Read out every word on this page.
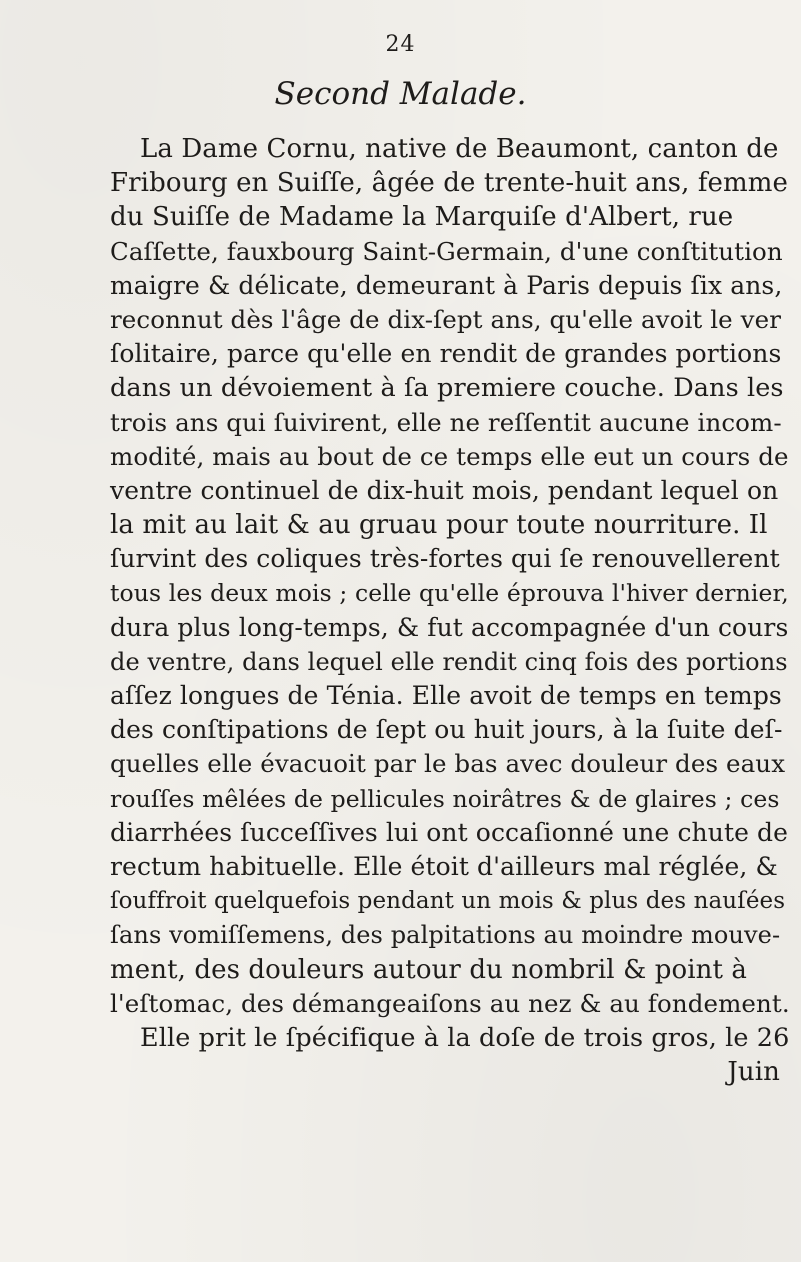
24
Second Malade.
La Dame Cornu, native de Beaumont, canton de
Fribourg en Suiſſe, âgée de trente-huit ans, femme
du Suiſſe de Madame la Marquiſe d'Albert, rue
Caſſette, fauxbourg Saint-Germain, d'une conſtitution
maigre & délicate, demeurant à Paris depuis ſix ans,
reconnut dès l'âge de dix-ſept ans, qu'elle avoit le ver
ſolitaire, parce qu'elle en rendit de grandes portions
dans un dévoiement à ſa premiere couche. Dans les
trois ans qui ſuivirent, elle ne reſſentit aucune incom-
modité, mais au bout de ce temps elle eut un cours de
ventre continuel de dix-huit mois, pendant lequel on
la mit au lait & au gruau pour toute nourriture. Il
ſurvint des coliques très-fortes qui ſe renouvellerent
tous les deux mois ; celle qu'elle éprouva l'hiver dernier,
dura plus long-temps, & fut accompagnée d'un cours
de ventre, dans lequel elle rendit cinq fois des portions
aſſez longues de Ténia. Elle avoit de temps en temps
des conſtipations de ſept ou huit jours, à la ſuite deſ-
quelles elle évacuoit par le bas avec douleur des eaux
rouſſes mêlées de pellicules noirâtres & de glaires ; ces
diarrhées ſucceſſives lui ont occaſionné une chute de
rectum habituelle. Elle étoit d'ailleurs mal réglée, &
ſouffroit quelquefois pendant un mois & plus des nauſées
ſans vomiſſemens, des palpitations au moindre mouve-
ment, des douleurs autour du nombril & point à
l'eſtomac, des démangeaiſons au nez & au fondement.
Elle prit le ſpécifique à la doſe de trois gros, le 26
Juin
